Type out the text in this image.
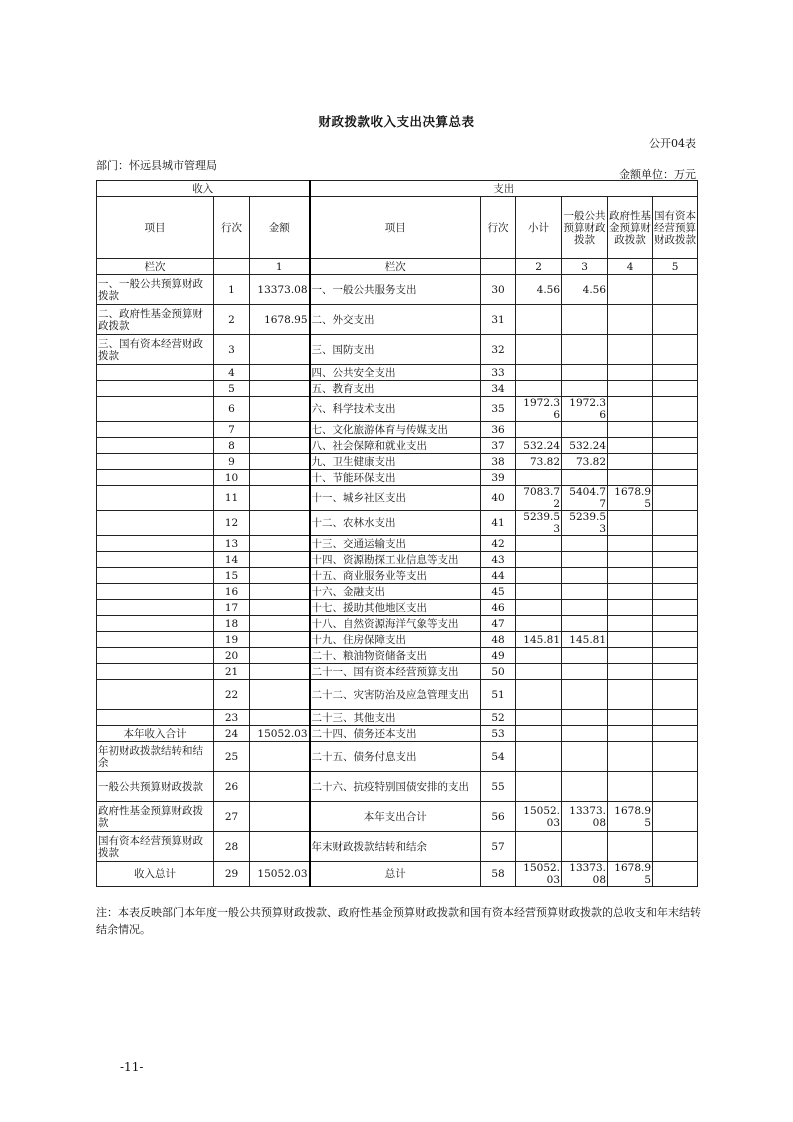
财政拨款收入支出决算总表
公开04表
部门：怀远县城市管理局
金额单位：万元
收入			支出					
项目	行次	金额	项目	行次	小计	一般公共预算财政拨款	政府性基金预算财政拨款	国有资本经营预算财政拨款
栏次		1	栏次		2	3	4	5
一、一般公共预算财政拨款	1	13373.08	一、一般公共服务支出	30	4.56	4.56		
二、政府性基金预算财政拨款	2	1678.95	二、外交支出	31				
三、国有资本经营财政拨款	3		三、国防支出	32				
	4		四、公共安全支出	33				
	5		五、教育支出	34				
	6		六、科学技术支出	35	1972.36	1972.36		
	7		七、文化旅游体育与传媒支出	36				
	8		八、社会保障和就业支出	37	532.24	532.24		
	9		九、卫生健康支出	38	73.82	73.82		
	10		十、节能环保支出	39				
	11		十一、城乡社区支出	40	7083.72	5404.77	1678.95	
	12		十二、农林水支出	41	5239.53	5239.53		
	13		十三、交通运输支出	42				
	14		十四、资源勘探工业信息等支出	43				
	15		十五、商业服务业等支出	44				
	16		十六、金融支出	45				
	17		十七、援助其他地区支出	46				
	18		十八、自然资源海洋气象等支出	47				
	19		十九、住房保障支出	48	145.81	145.81		
	20		二十、粮油物资储备支出	49				
	21		二十一、国有资本经营预算支出	50				
	22		二十二、灾害防治及应急管理支出	51				
	23		二十三、其他支出	52				
本年收入合计	24	15052.03	二十四、债务还本支出	53				
年初财政拨款结转和结余	25		二十五、债务付息支出	54				
一般公共预算财政拨款	26		二十六、抗疫特别国债安排的支出	55				
政府性基金预算财政拨款	27		本年支出合计	56	15052.03	13373.08	1678.95	
国有资本经营预算财政拨款	28		年末财政拨款结转和结余	57				
收入总计	29	15052.03	总计	58	15052.03	13373.08	1678.95	
注：本表反映部门本年度一般公共预算财政拨款、政府性基金预算财政拨款和国有资本经营预算财政拨款的总收支和年末结转结余情况。
-11-
